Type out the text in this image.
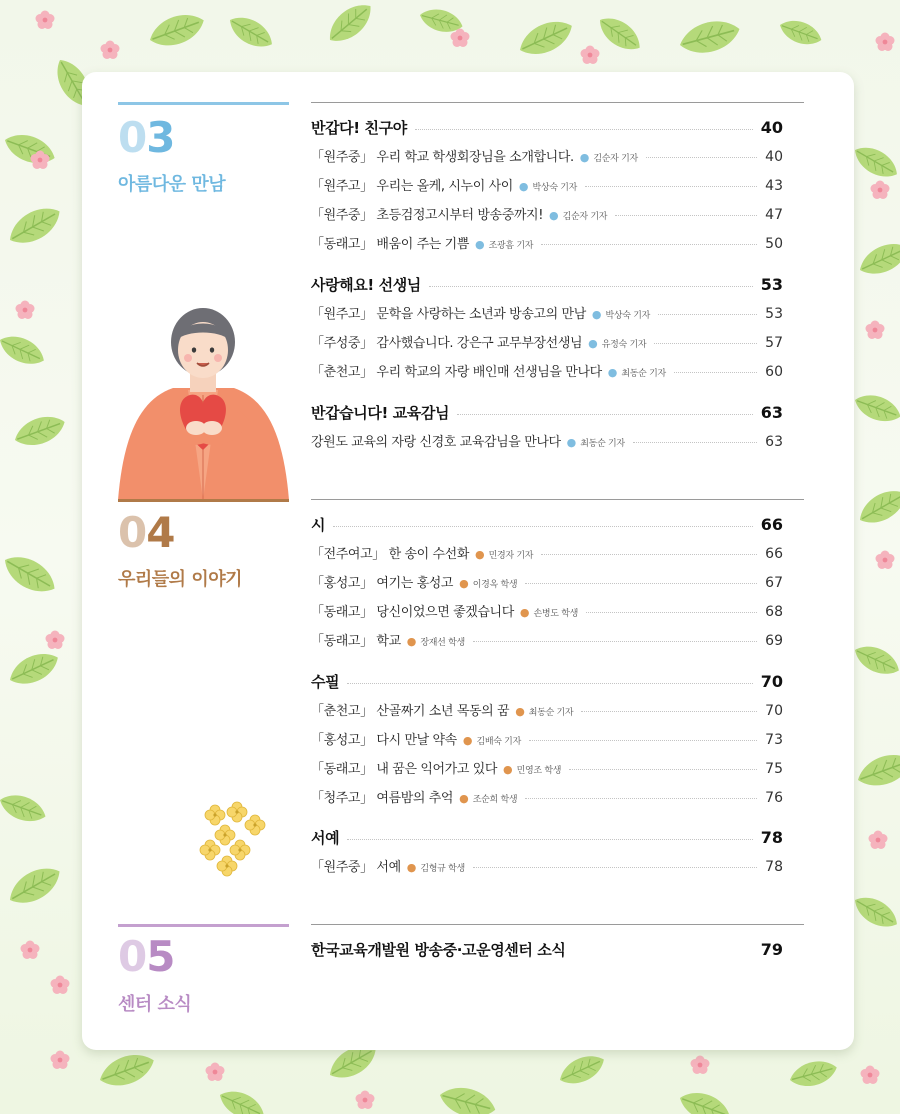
03
아름다운 만남
04
우리들의 이야기
05
센터 소식
반갑다! 친구야	40
「원주중」 우리 학교 학생회장님을 소개합니다. ● 김순자 기자	40
「원주고」 우리는 올케, 시누이 사이 ● 박상숙 기자	43
「원주중」 초등검정고시부터 방송중까지! ● 김순자 기자	47
「동래고」 배움이 주는 기쁨 ● 조광흠 기자	50
사랑해요! 선생님	53
「원주고」 문학을 사랑하는 소년과 방송고의 만남 ● 박상숙 기자	53
「주성중」 감사했습니다. 강은구 교무부장선생님 ● 유정숙 기자	57
「춘천고」 우리 학교의 자랑 배인매 선생님을 만나다 ● 최동순 기자	60
반갑습니다! 교육감님	63
강원도 교육의 자랑 신경호 교육감님을 만나다 ● 최동순 기자	63
시	66
「전주여고」 한 송이 수선화 ● 민경자 기자	66
「홍성고」 여기는 홍성고 ● 이경옥 학생	67
「동래고」 당신이었으면 좋겠습니다 ● 손병도 학생	68
「동래고」 학교 ● 장재선 학생	69
수필	70
「춘천고」 산골짜기 소년 목동의 꿈 ● 최동순 기자	70
「홍성고」 다시 만날 약속 ● 김배숙 기자	73
「동래고」 내 꿈은 익어가고 있다 ● 민영조 학생	75
「청주고」 여름밤의 추억 ● 조순희 학생	76
서예	78
「원주중」 서예 ● 김형규 학생	78
한국교육개발원 방송중·고운영센터 소식	79
